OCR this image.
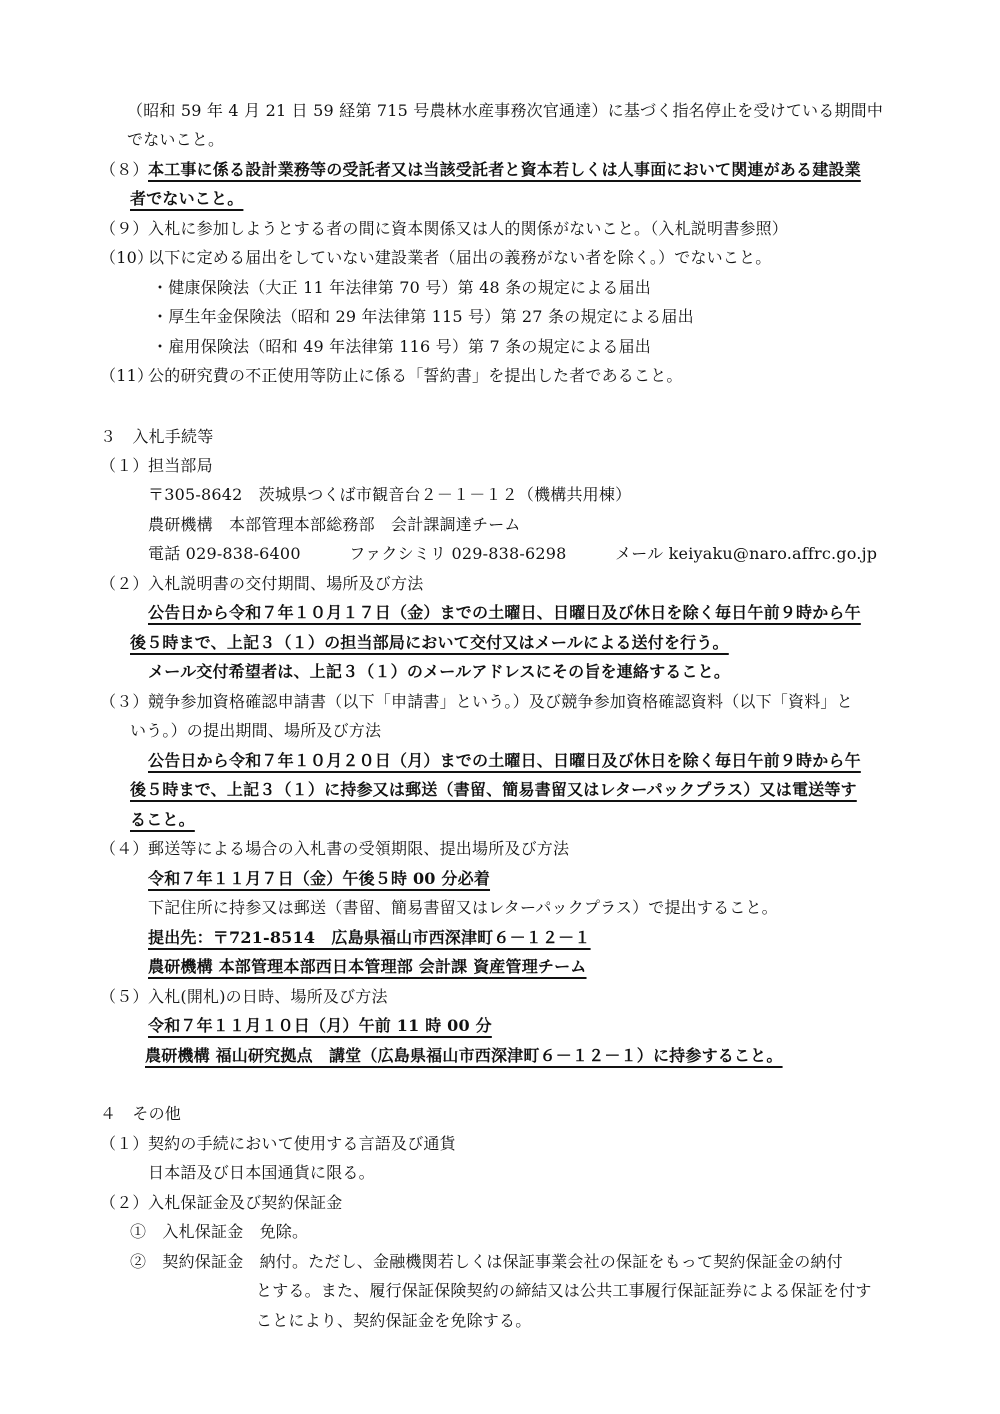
（昭和 59 年 4 月 21 日 59 経第 715 号農林水産事務次官通達）に基づく指名停止を受けている期間中
でないこと。
（８） 本工事に係る設計業務等の受託者又は当該受託者と資本若しくは人事面において関連がある建設業
者でないこと。
（９） 入札に参加しようとする者の間に資本関係又は人的関係がないこと。（入札説明書参照）
（10）
以下に定める届出をしていない建設業者（届出の義務がない者を除く。）でないこと。
・健康保険法（大正 11 年法律第 70 号）第 48 条の規定による届出
・厚生年金保険法（昭和 29 年法律第 115 号）第 27 条の規定による届出
・雇用保険法（昭和 49 年法律第 116 号）第 7 条の規定による届出
（11）
公的研究費の不正使用等防止に係る「誓約書」を提出した者であること。
３　入札手続等
（１） 担当部局
〒305-8642　茨城県つくば市観音台２－１－１２（機構共用棟）
農研機構　本部管理本部総務部　会計課調達チーム
電話 029-838-6400　　　ファクシミリ 029-838-6298　　　メール keiyaku@naro.affrc.go.jp
（２） 入札説明書の交付期間、場所及び方法
公告日から令和７年１０月１７日（金）までの土曜日、日曜日及び休日を除く毎日午前９時から午
後５時まで、上記３（１）の担当部局において交付又はメールによる送付を行う。
メール交付希望者は、上記３（１）のメールアドレスにその旨を連絡すること。
（３） 競争参加資格確認申請書（以下「申請書」という。）及び競争参加資格確認資料（以下「資料」と
いう。）の提出期間、場所及び方法
公告日から令和７年１０月２０日（月）までの土曜日、日曜日及び休日を除く毎日午前９時から午
後５時まで、上記３（１）に持参又は郵送（書留、簡易書留又はレターパックプラス）又は電送等す
ること。
（４） 郵送等による場合の入札書の受領期限、提出場所及び方法
令和７年１１月７日（金）午後５時 00 分必着
下記住所に持参又は郵送（書留、簡易書留又はレターパックプラス）で提出すること。
提出先：〒721-8514　広島県福山市西深津町６－１２－１
農研機構 本部管理本部西日本管理部 会計課 資産管理チーム
（５） 入札(開札)の日時、場所及び方法
令和７年１１月１０日（月）午前 11 時 00 分
農研機構 福山研究拠点　講堂（広島県福山市西深津町６－１２－１）に持参すること。
４　その他
（１） 契約の手続において使用する言語及び通貨
日本語及び日本国通貨に限る。
（２） 入札保証金及び契約保証金
①　入札保証金　免除。
②　契約保証金　納付。ただし、金融機関若しくは保証事業会社の保証をもって契約保証金の納付
とする。また、履行保証保険契約の締結又は公共工事履行保証証券による保証を付す
ことにより、契約保証金を免除する。
